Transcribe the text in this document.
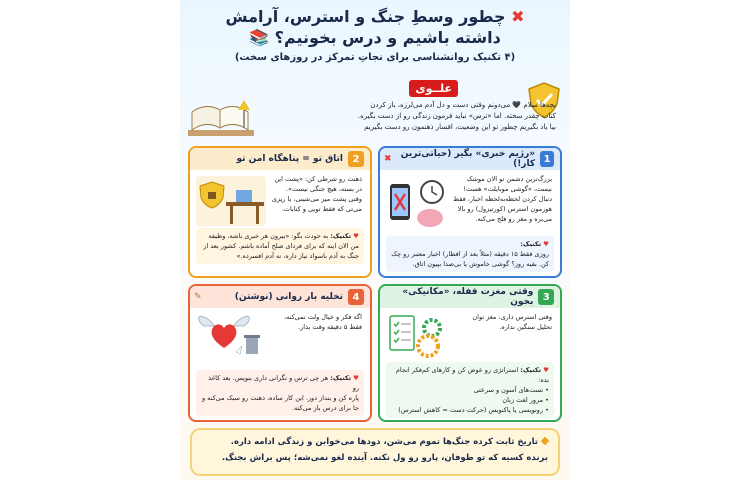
✖ چطور وسطِ جنگ و استرس، آرامش
داشته باشیم و درس بخونیم؟ 📚
(۴ تکنیک روانشناسی برای نجاتِ تمرکز در روزهای سخت)
علــوی
بچه‌ها سلام 🖤 می‌دونم وقتی دست و دل آدم می‌لرزه، باز کردن
کتاب چقدر سخته. اما «ترس» نباید فرمون زندگی‌ رو از دست بگیره.
بیا یاد بگیریم چطور تو این وضعیت، افسار ذهنمون رو دست بگیریم
1
«رژیم خبری» بگیر (حیاتی‌ترین کار!)
✖
بزرگ‌ترین دشمن تو الان موشک
نیست، «گوشی موبایلت» هست!
دنبال کردن لحظه‌به‌لحظه اخبار، فقط
هورمون استرس (کورتیزول) رو بالا
می‌بره و مغز رو فلج می‌کنه.
♥ تکنیک:
روزی فقط ۱۵ دقیقه (مثلاً بعد از افطار) اخبار معتبر رو چک
کن. بقیه روز؟ گوشی خاموش یا بی‌صدا بپیون اتاق.
2
اتاق تو = پناهگاه امن تو
ذهنت رو شرطی کن: «پشت این
در بسته، هیچ جنگی نیست».
وقتی پشت میز می‌شینی، یا ریزی
می‌تی که فقط تویی و کتابات.
♥ تکنیک: به خودت بگو: «بیرون هر خبری باشه، وظیفه
من الان اینه که برای فردای صلح آماده باشم. کشور بعد از
جنگ به آدم باسواد نیاز داره، نه آدم افسرده.»
3
وقتی مغزت قفله، «مکانیکی» بخون
وقتی استرس داری، مغز توان
تحلیل سنگین نداره.
♥ تکنیک: استراتژی رو عوض کن و کارهای کم‌فکر انجام بده:
• تست‌های آسون و سرعتی
• مرور لغت زبان
• رونویسی یا پاکنویس (حرکت دست = کاهش استرس)
4
تخلیه بار روانی (نوشتن)
✎
اگه فکر و خیال ولت نمی‌کنه،
فقط ۵ دقیقه وقت بذار.
♥ تکنیک: هر چی ترس و نگرانی داری بنویس. بعد کاغذ رو
پاره کن و بنداز دور. این کار ساده، ذهنت رو سبک می‌کنه و
جا برای درس باز می‌کنه.
تاریخ ثابت کرده جنگ‌ها تموم می‌شن، دودها می‌خوابن و زندگی ادامه داره.
برنده کسیه که تو طوفان، پارو رو ول نکنه. آینده لغو نمی‌شه؛ پس براش بجنگ.
